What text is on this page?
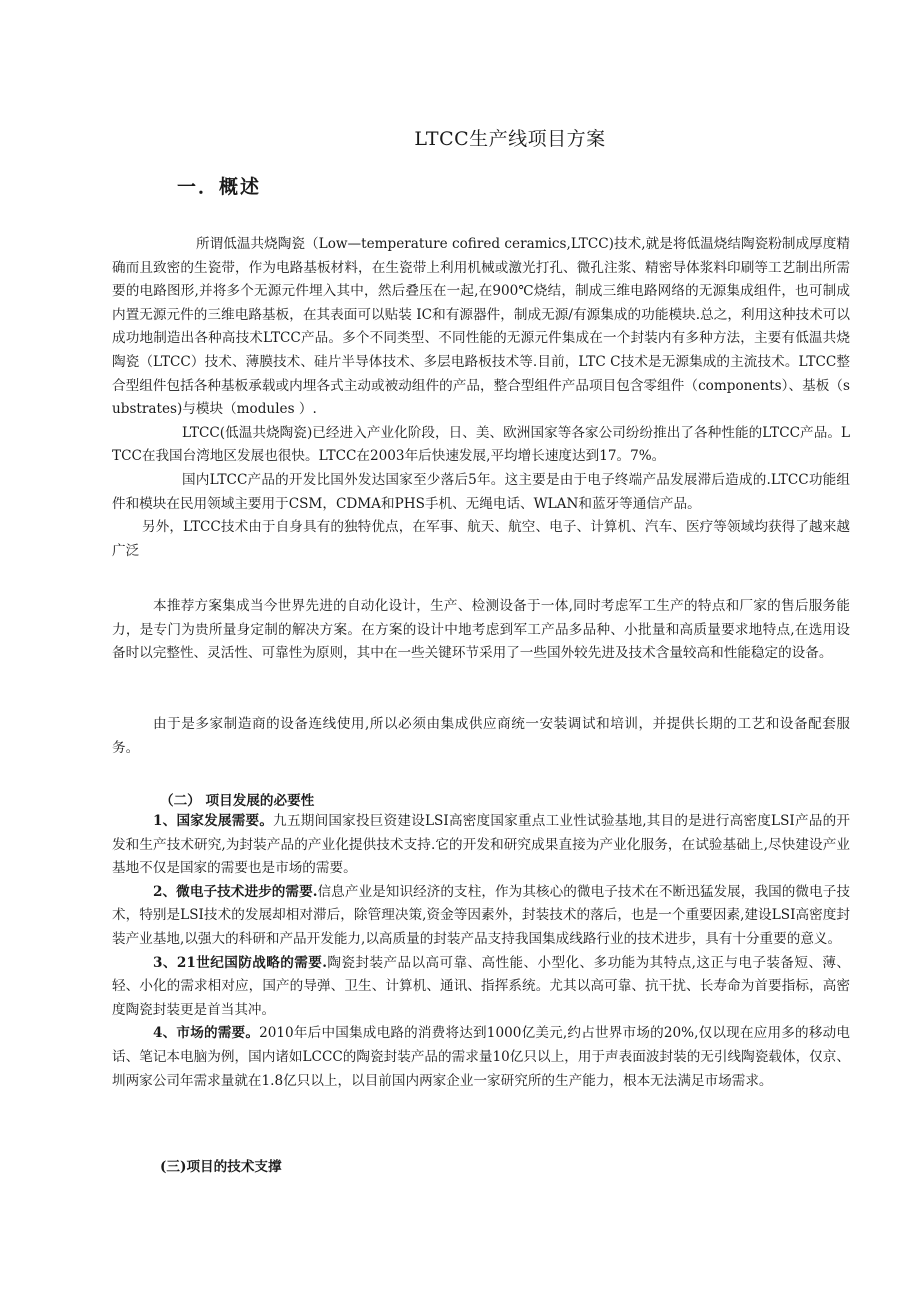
LTCC生产线项目方案
一．概述

所谓低温共烧陶瓷（Low—temperature cofired ceramics,LTCC)技术,就是将低温烧结陶瓷粉制成厚度精确而且致密的生瓷带，作为电路基板材料，在生瓷带上利用机械或激光打孔、微孔注浆、精密导体浆料印刷等工艺制出所需要的电路图形,并将多个无源元件埋入其中，然后叠压在一起,在900℃烧结，制成三维电路网络的无源集成组件，也可制成内置无源元件的三维电路基板，在其表面可以贴装 IC和有源器件，制成无源/有源集成的功能模块.总之，利用这种技术可以成功地制造出各种高技术LTCC产品。多个不同类型、不同性能的无源元件集成在一个封装内有多种方法，主要有低温共烧陶瓷（LTCC）技术、薄膜技术、硅片半导体技术、多层电路板技术等.目前，LTC C技术是无源集成的主流技术。LTCC整合型组件包括各种基板承载或内埋各式主动或被动组件的产品，整合型组件产品项目包含零组件（components）、基板（substrates)与模块（modules ）.

LTCC(低温共烧陶瓷)已经进入产业化阶段，日、美、欧洲国家等各家公司纷纷推出了各种性能的LTCC产品。LTCC在我国台湾地区发展也很快。LTCC在2003年后快速发展,平均增长速度达到17。7%。

国内LTCC产品的开发比国外发达国家至少落后5年。这主要是由于电子终端产品发展滞后造成的.LTCC功能组件和模块在民用领域主要用于CSM，CDMA和PHS手机、无绳电话、WLAN和蓝牙等通信产品。

另外，LTCC技术由于自身具有的独特优点，在军事、航天、航空、电子、计算机、汽车、医疗等领域均获得了越来越广泛

本推荐方案集成当今世界先进的自动化设计，生产、检测设备于一体,同时考虑军工生产的特点和厂家的售后服务能力，是专门为贵所量身定制的解决方案。在方案的设计中地考虑到军工产品多品种、小批量和高质量要求地特点,在选用设备时以完整性、灵活性、可靠性为原则，其中在一些关键环节采用了一些国外较先进及技术含量较高和性能稳定的设备。

由于是多家制造商的设备连线使用,所以必须由集成供应商统一安装调试和培训，并提供长期的工艺和设备配套服务。

（二） 项目发展的必要性

1、国家发展需要。九五期间国家投巨资建设LSI高密度国家重点工业性试验基地,其目的是进行高密度LSI产品的开发和生产技术研究,为封装产品的产业化提供技术支持.它的开发和研究成果直接为产业化服务，在试验基础上,尽快建设产业基地不仅是国家的需要也是市场的需要。

2、微电子技术进步的需要.信息产业是知识经济的支柱，作为其核心的微电子技术在不断迅猛发展，我国的微电子技术，特别是LSI技术的发展却相对滞后，除管理决策,资金等因素外，封装技术的落后，也是一个重要因素,建设LSI高密度封装产业基地,以强大的科研和产品开发能力,以高质量的封装产品支持我国集成线路行业的技术进步，具有十分重要的意义。

3、21世纪国防战略的需要.陶瓷封装产品以高可靠、高性能、小型化、多功能为其特点,这正与电子装备短、薄、轻、小化的需求相对应，国产的导弹、卫生、计算机、通讯、指挥系统。尤其以高可靠、抗干扰、长寿命为首要指标，高密度陶瓷封装更是首当其冲。

4、市场的需要。2010年后中国集成电路的消费将达到1000亿美元,约占世界市场的20%,仅以现在应用多的移动电话、笔记本电脑为例，国内诸如LCCC的陶瓷封装产品的需求量10亿只以上，用于声表面波封装的无引线陶瓷载体，仅京、圳两家公司年需求量就在1.8亿只以上，以目前国内两家企业一家研究所的生产能力，根本无法满足市场需求。

(三)项目的技术支撑
